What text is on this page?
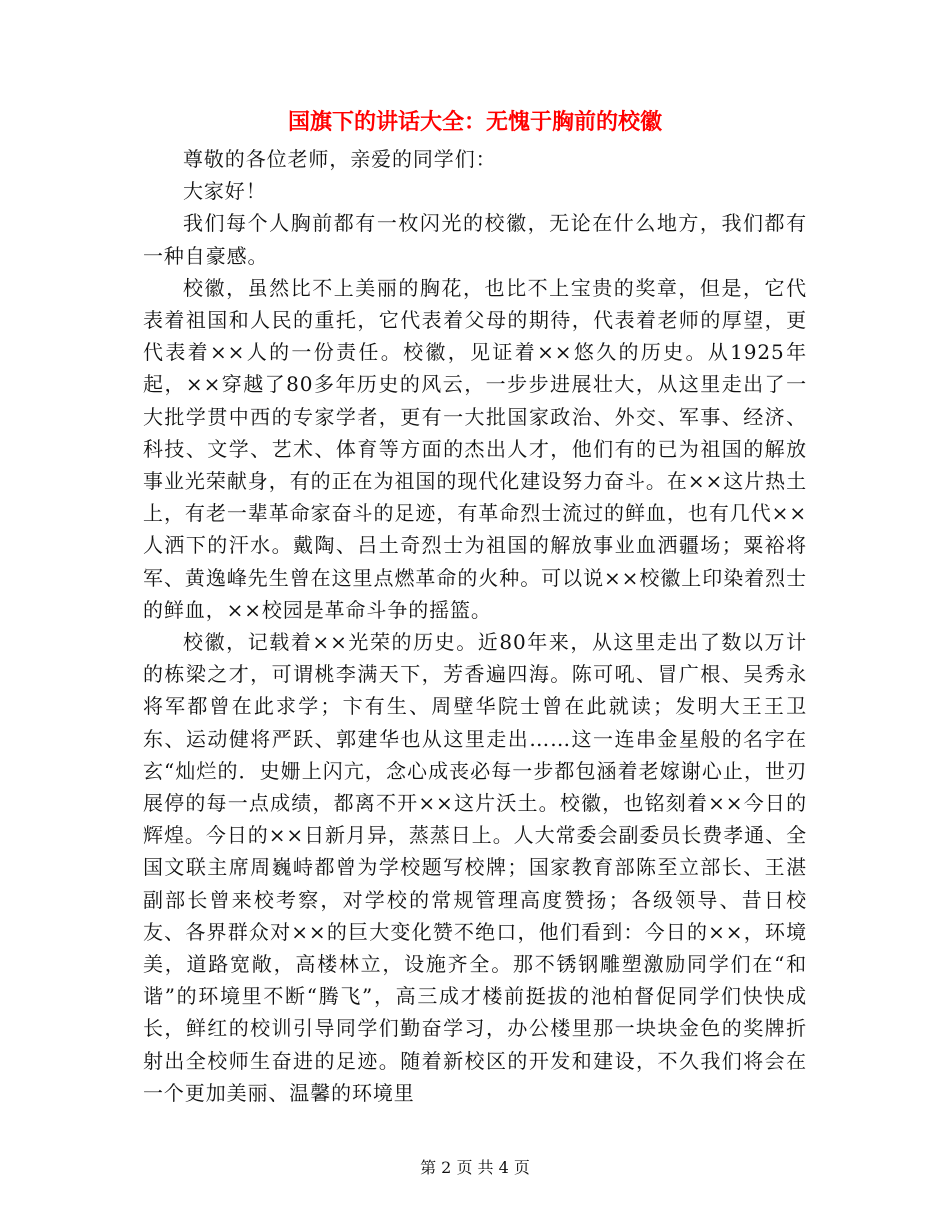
国旗下的讲话大全：无愧于胸前的校徽

尊敬的各位老师，亲爱的同学们：

大家好！

我们每个人胸前都有一枚闪光的校徽，无论在什么地方，我们都有一种自豪感。

校徽，虽然比不上美丽的胸花，也比不上宝贵的奖章，但是，它代表着祖国和人民的重托，它代表着父母的期待，代表着老师的厚望，更代表着××人的一份责任。校徽，见证着××悠久的历史。从1925年起，××穿越了80多年历史的风云，一步步进展壮大，从这里走出了一大批学贯中西的专家学者，更有一大批国家政治、外交、军事、经济、科技、文学、艺术、体育等方面的杰出人才，他们有的已为祖国的解放事业光荣献身，有的正在为祖国的现代化建设努力奋斗。在××这片热土上，有老一辈革命家奋斗的足迹，有革命烈士流过的鲜血，也有几代××人洒下的汗水。戴陶、吕土奇烈士为祖国的解放事业血洒疆场；粟裕将军、黄逸峰先生曾在这里点燃革命的火种。可以说××校徽上印染着烈士的鲜血，××校园是革命斗争的摇篮。

校徽，记载着××光荣的历史。近80年来，从这里走出了数以万计的栋梁之才，可谓桃李满天下，芳香遍四海。陈可吼、冒广根、吴秀永将军都曾在此求学；卞有生、周壁华院士曾在此就读；发明大王王卫东、运动健将严跃、郭建华也从这里走出……这一连串金星般的名字在玄“灿烂的．史姗上闪亢，念心成丧必每一步都包涵着老嫁谢心止，世刃展停的每一点成绩，都离不开××这片沃土。校徽，也铭刻着××今日的辉煌。今日的××日新月异，蒸蒸日上。人大常委会副委员长费孝通、全国文联主席周巍峙都曾为学校题写校牌；国家教育部陈至立部长、王湛副部长曾来校考察，对学校的常规管理高度赞扬；各级领导、昔日校友、各界群众对××的巨大变化赞不绝口，他们看到：今日的××，环境美，道路宽敞，高楼林立，设施齐全。那不锈钢雕塑激励同学们在“和谐”的环境里不断“腾飞”，高三成才楼前挺拔的池柏督促同学们快快成长，鲜红的校训引导同学们勤奋学习，办公楼里那一块块金色的奖牌折射出全校师生奋进的足迹。随着新校区的开发和建设，不久我们将会在一个更加美丽、温馨的环境里

第 2 页 共 4 页
